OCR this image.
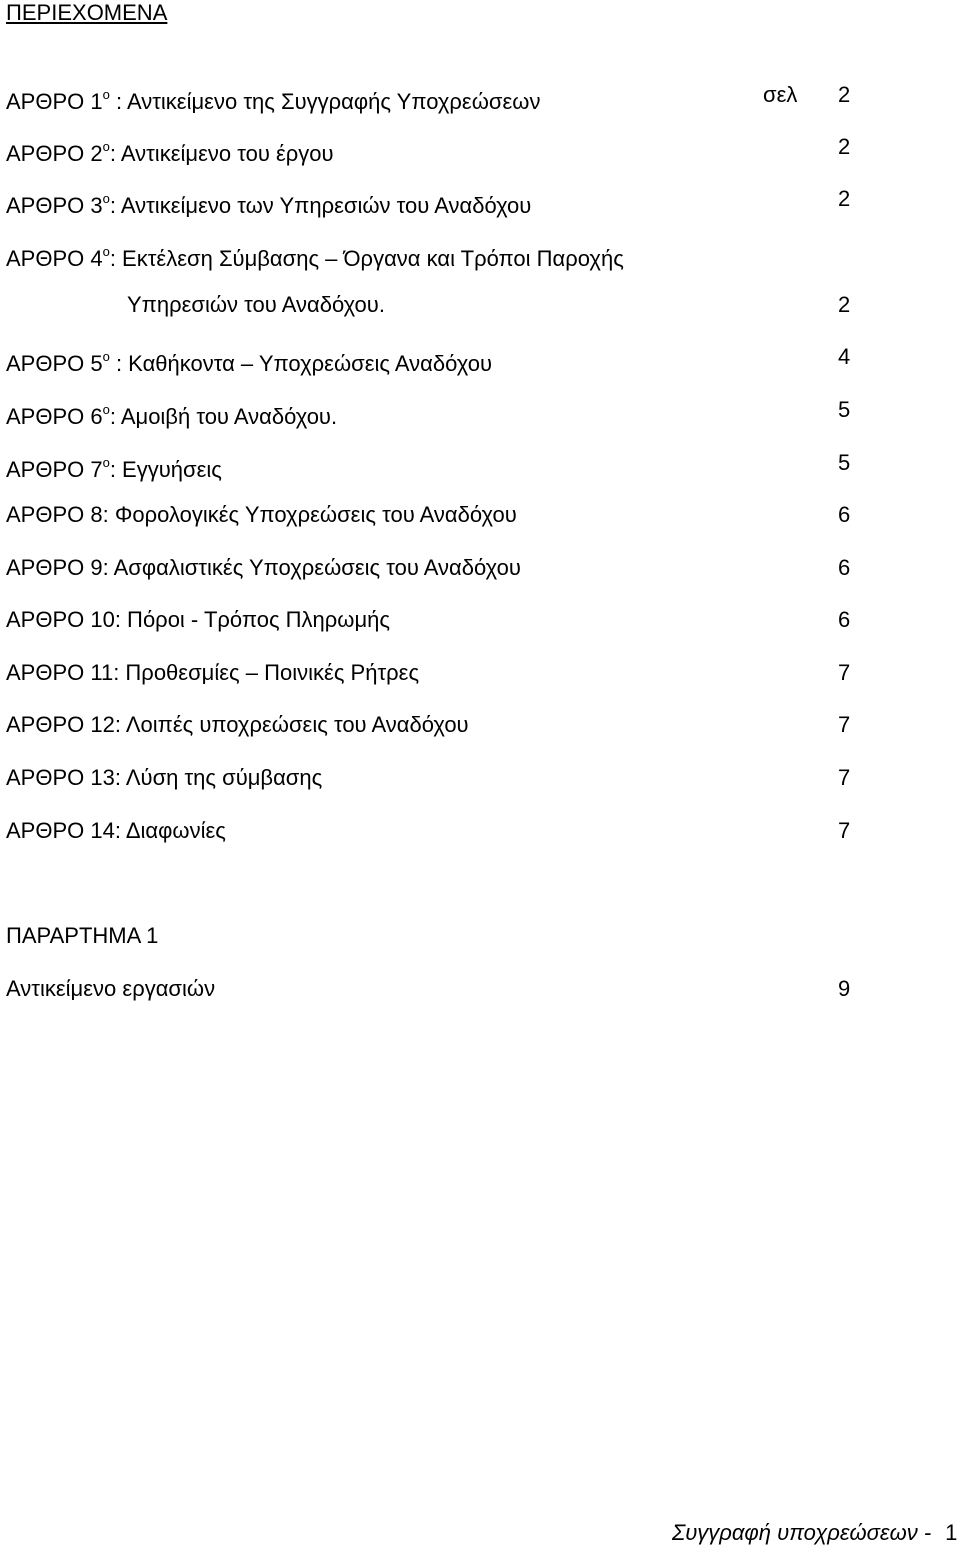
ΠΕΡΙΕΧΟΜΕΝΑ
ΑΡΘΡΟ $1^o$ : Αντικείμενο της Συγγραφής Υποχρεώσεων	σελ 2
ΑΡΘΡΟ $2^o$: Αντικείμενο του έργου	2
ΑΡΘΡΟ $3^o$: Αντικείμενο των Υπηρεσιών του Αναδόχου	2
ΑΡΘΡΟ $4^o$: Εκτέλεση Σύμβασης – Όργανα και Τρόποι Παροχής
Υπηρεσιών του Αναδόχου.	2
ΑΡΘΡΟ $5^o$ : Καθήκοντα – Υποχρεώσεις Αναδόχου	4
ΑΡΘΡΟ $6^o$: Αμοιβή του Αναδόχου.	5
ΑΡΘΡΟ $7^o$: Εγγυήσεις	5
ΑΡΘΡΟ 8: Φορολογικές Υποχρεώσεις του Αναδόχου	6
ΑΡΘΡΟ 9: Ασφαλιστικές Υποχρεώσεις του Αναδόχου	6
ΑΡΘΡΟ 10: Πόροι - Τρόπος Πληρωμής	6
ΑΡΘΡΟ 11: Προθεσμίες – Ποινικές Ρήτρες	7
ΑΡΘΡΟ 12: Λοιπές υποχρεώσεις του Αναδόχου	7
ΑΡΘΡΟ 13: Λύση της σύμβασης	7
ΑΡΘΡΟ 14: Διαφωνίες	7
ΠΑΡΑΡΤΗΜΑ 1
Αντικείμενο εργασιών	9
Συγγραφή υποχρεώσεων - 1
